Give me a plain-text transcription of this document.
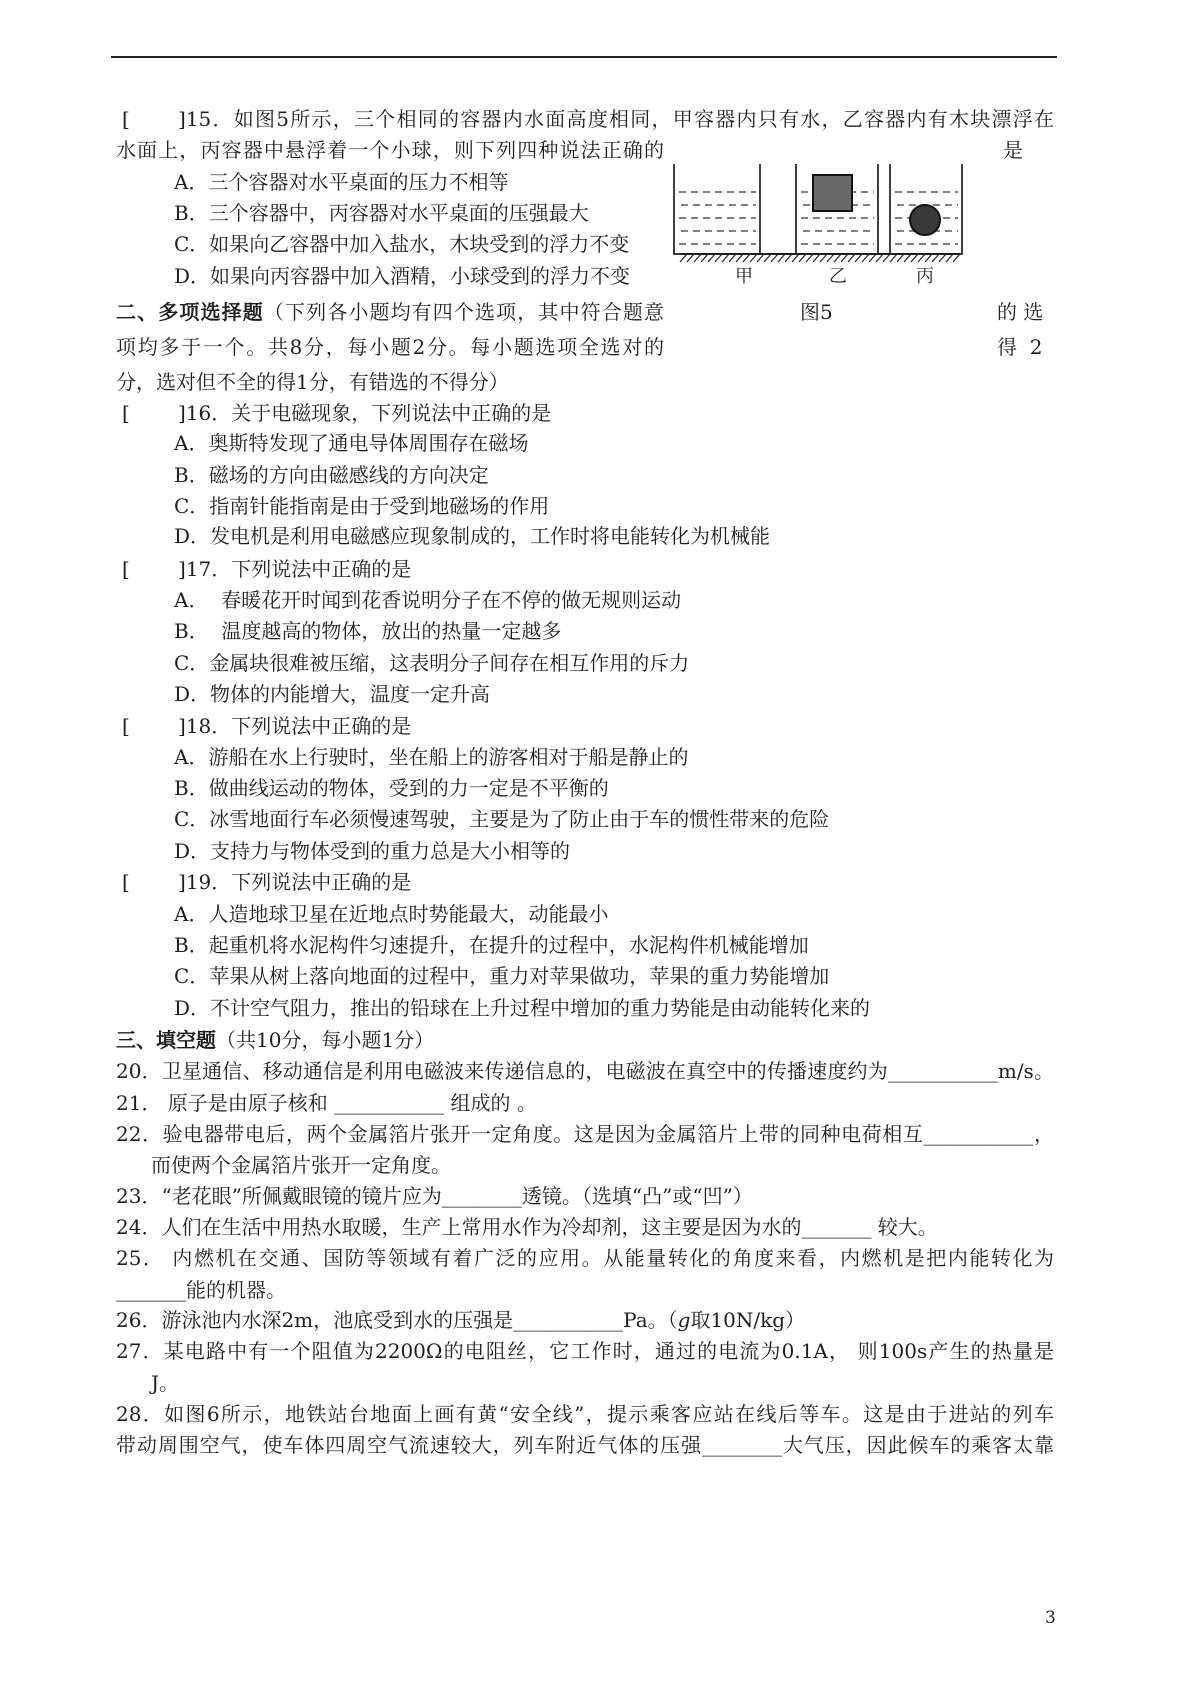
[ ]15．如图5所示，三个相同的容器内水面高度相同，甲容器内只有水，乙容器内有木块漂浮在
水面上，丙容器中悬浮着一个小球，则下列四种说法正确的	是
A．三个容器对水平桌面的压力不相等
B．三个容器中，丙容器对水平桌面的压强最大
C．如果向乙容器中加入盐水，木块受到的浮力不变
D．如果向丙容器中加入酒精，小球受到的浮力不变	甲	乙	丙
二、多项选择题（下列各小题均有四个选项，其中符合题意	图5	的 选
项均多于一个。共8分，每小题2分。每小题选项全选对的	得  2
分，选对但不全的得1分，有错选的不得分）
[ ]16．关于电磁现象，下列说法中正确的是
A．奥斯特发现了通电导体周围存在磁场
B．磁场的方向由磁感线的方向决定
C．指南针能指南是由于受到地磁场的作用
D．发电机是利用电磁感应现象制成的，工作时将电能转化为机械能
[ ]17．下列说法中正确的是
A．  春暖花开时闻到花香说明分子在不停的做无规则运动
B．  温度越高的物体，放出的热量一定越多
C．金属块很难被压缩，这表明分子间存在相互作用的斥力
D．物体的内能增大，温度一定升高
[ ]18．下列说法中正确的是
A．游船在水上行驶时，坐在船上的游客相对于船是静止的
B．做曲线运动的物体，受到的力一定是不平衡的
C．冰雪地面行车必须慢速驾驶，主要是为了防止由于车的惯性带来的危险
D．支持力与物体受到的重力总是大小相等的
[ ]19．下列说法中正确的是
A．人造地球卫星在近地点时势能最大，动能最小
B．起重机将水泥构件匀速提升，在提升的过程中，水泥构件机械能增加
C．苹果从树上落向地面的过程中，重力对苹果做功，苹果的重力势能增加
D．不计空气阻力，推出的铅球在上升过程中增加的重力势能是由动能转化来的
三、填空题（共10分，每小题1分）
20．卫星通信、移动通信是利用电磁波来传递信息的，电磁波在真空中的传播速度约为___________m/s。
21． 原子是由原子核和 ___________ 组成的 。
22．验电器带电后，两个金属箔片张开一定角度。这是因为金属箔片上带的同种电荷相互___________，
而使两个金属箔片张开一定角度。
23．“老花眼”所佩戴眼镜的镜片应为________透镜。（选填“凸”或“凹”）
24．人们在生活中用热水取暖，生产上常用水作为冷却剂，这主要是因为水的_______ 较大。
25． 内燃机在交通、国防等领域有着广泛的应用。从能量转化的角度来看，内燃机是把内能转化为
_______能的机器。
26．游泳池内水深2m，池底受到水的压强是___________Pa。（g取10N/kg）
27．某电路中有一个阻值为2200Ω的电阻丝，它工作时，通过的电流为0.1A， 则100s产生的热量是
J。
28．如图6所示，地铁站台地面上画有黄“安全线”，提示乘客应站在线后等车。这是由于进站的列车
带动周围空气，使车体四周空气流速较大，列车附近气体的压强________大气压，因此候车的乘客太靠
3
